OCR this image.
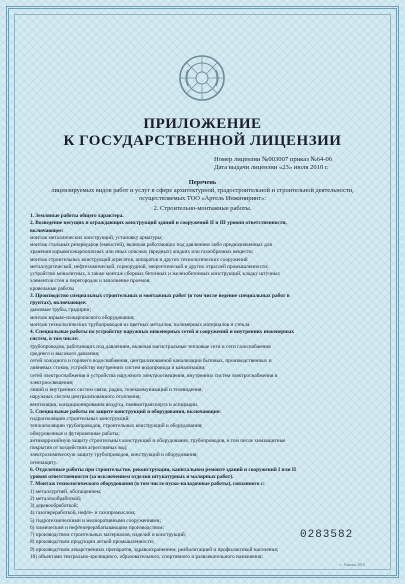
ПРИЛОЖЕНИЕ
К ГОСУДАРСТВЕННОЙ ЛИЦЕНЗИИ
Номер лицензии №003007 приказ №64-06
Дата выдачи лицензии «23» июля 2010 г.
Перечень
лицензируемых видов работ и услуг в сфере архитектурной, градостроительной и строительной деятельности,
осуществляемых ТОО «Артель Инжиниринг»:
2. Строительно-монтажные работы.
1. Земляные работы общего характера.
2. Возведение несущих и ограждающих конструкций зданий и сооружений II и III уровня ответственности,
включающее:
монтаж металлических конструкций, установку арматуры;
монтаж стальных резервуаров (емкостей), включая работающих под давлением либо предназначенных для
хранения взрывопожароопасных или иных опасных (вредных) жидких или газообразных веществ;
монтаж строительных конструкций агрегатов, аппаратов и других технологических сооружений
металлургической, нефтехимической, горнорудной, энергетической и других отраслей промышленности;
устройство монолитных, а также монтаж сборных бетонных и железобетонных конструкций, кладку штучных
элементов стен и перегородок и заполнение проемов;
кровельные работы
3. Производство специальных строительных и монтажных работ (в том числе ведение специальных работ в
грунтах), включающее:
дымовые трубы, градирни;
монтаж взрыво-пожаропасного оборудования;
монтаж технологических трубопроводов из цветных металлов, полимерных материалов и стекла.
4. Специальные работы по устройству наружных инженерных сетей и сооружений и внутренних инженерных
систем, в том числе:
трубопроводов, работающих под давлением, включая магистральные тепловые сети и сети газоснабжения
среднего и высокого давления;
сетей холодного и горячего водоснабжения, централизованной канализации бытовых, производственных и
ливневых стоков, устройству внутренних систем водопровода и канализации;
сетей электроснабжения и устройства наружного электроосвещения, внутренних систем электроснабжения и
электроосвещения;
линий и внутренних систем связи, радио, телекоммуникаций и телевидения;
наружных систем централизованного отопления;
вентиляции, кондиционирования воздуха, пневмотранспорта и аспирации.
5. Специальные работы по защите конструкций и оборудования, включающие:
гидроизоляцию строительных конструкций;
теплоизоляцию трубопроводов, строительных конструкций и оборудования;
обмуровочные и футеровочные работы;
антикоррозийную защиту строительных конструкций и оборудования, трубопроводов, в том числе химзащитные
покрытия от воздействия агрессивных вод;
электрохимическую защиту трубопроводов, конструкций и оборудования;
огнезащиту.
6. Отделочные работы при строительстве, реконструкции, капитальном ремонте зданий и сооружений I или II
уровня ответственности (за исключением отделки штукатурных и малярных работ).
7. Монтаж технологического оборудования (в том числе пуско-наладочные работы), связанного с:
1) металлургией, обогащением;
2) металлообработкой;
3) деревообработкой;
4) газопереработкой, нефте- и газопромыслом;
5) гидротехническими и мелиоративными сооружениями;
6) химическим и нефтеперерабатывающим производством;
7) производством строительных материалов, изделий и конструкций;
8) производством продукции легкой промышленности;
9) производством лекарственных препаратов, здравоохранением, реабилитацией и профилактикой населения;
10) объектами театрально-зрелищного, образовательного, спортивного и развлекательного назначения;
0283582
с. Алматы, 2010
